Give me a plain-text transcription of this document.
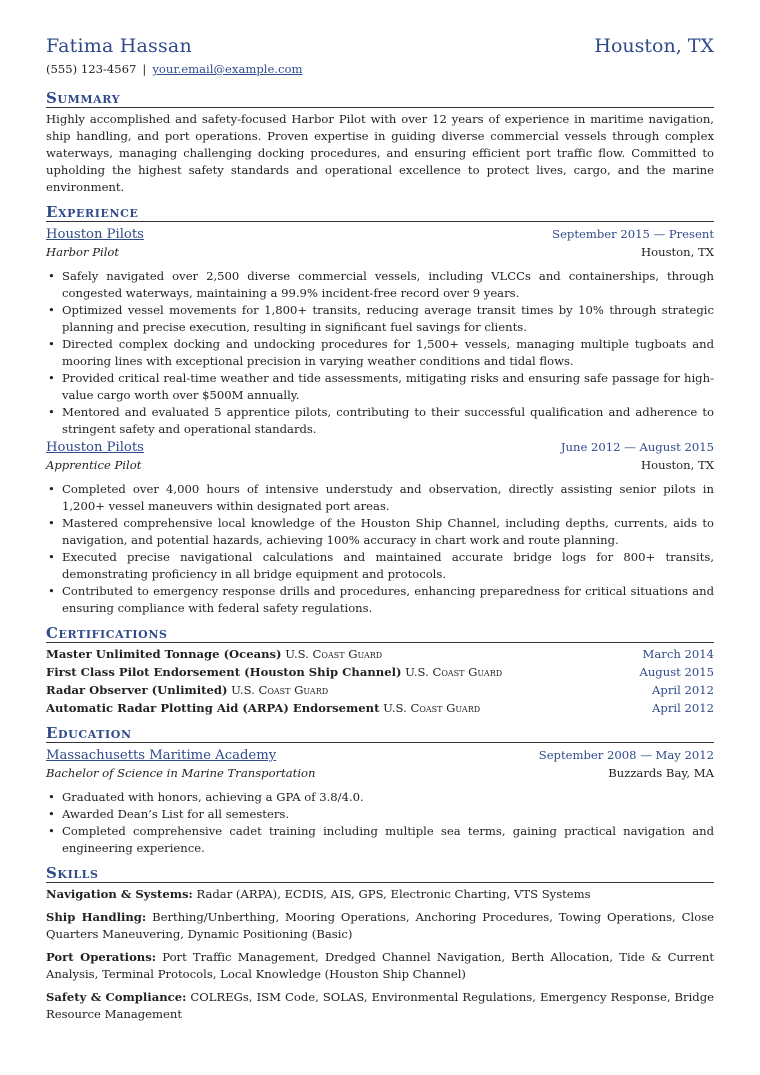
Fatima Hassan	Houston, TX
(555) 123-4567 | your.email@example.com
Summary
Highly accomplished and safety-focused Harbor Pilot with over 12 years of experience in maritime navigation, ship handling, and port operations. Proven expertise in guiding diverse commercial vessels through complex waterways, managing challenging docking procedures, and ensuring efficient port traffic flow. Committed to upholding the highest safety standards and operational excellence to protect lives, cargo, and the marine environment.
Experience
Houston Pilots	September 2015 — Present
Harbor Pilot	Houston, TX
• Safely navigated over 2,500 diverse commercial vessels, including VLCCs and containerships, through congested waterways, maintaining a 99.9% incident-free record over 9 years.
• Optimized vessel movements for 1,800+ transits, reducing average transit times by 10% through strategic planning and precise execution, resulting in significant fuel savings for clients.
• Directed complex docking and undocking procedures for 1,500+ vessels, managing multiple tugboats and mooring lines with exceptional precision in varying weather conditions and tidal flows.
• Provided critical real-time weather and tide assessments, mitigating risks and ensuring safe passage for high-value cargo worth over $500M annually.
• Mentored and evaluated 5 apprentice pilots, contributing to their successful qualification and adherence to stringent safety and operational standards.
Houston Pilots	June 2012 — August 2015
Apprentice Pilot	Houston, TX
• Completed over 4,000 hours of intensive understudy and observation, directly assisting senior pilots in 1,200+ vessel maneuvers within designated port areas.
• Mastered comprehensive local knowledge of the Houston Ship Channel, including depths, currents, aids to navigation, and potential hazards, achieving 100% accuracy in chart work and route planning.
• Executed precise navigational calculations and maintained accurate bridge logs for 800+ transits, demonstrating proficiency in all bridge equipment and protocols.
• Contributed to emergency response drills and procedures, enhancing preparedness for critical situations and ensuring compliance with federal safety regulations.
Certifications
Master Unlimited Tonnage (Oceans) U.S. Coast Guard	March 2014
First Class Pilot Endorsement (Houston Ship Channel) U.S. Coast Guard	August 2015
Radar Observer (Unlimited) U.S. Coast Guard	April 2012
Automatic Radar Plotting Aid (ARPA) Endorsement U.S. Coast Guard	April 2012
Education
Massachusetts Maritime Academy	September 2008 — May 2012
Bachelor of Science in Marine Transportation	Buzzards Bay, MA
• Graduated with honors, achieving a GPA of 3.8/4.0.
• Awarded Dean’s List for all semesters.
• Completed comprehensive cadet training including multiple sea terms, gaining practical navigation and engineering experience.
Skills
Navigation & Systems: Radar (ARPA), ECDIS, AIS, GPS, Electronic Charting, VTS Systems
Ship Handling: Berthing/Unberthing, Mooring Operations, Anchoring Procedures, Towing Operations, Close Quarters Maneuvering, Dynamic Positioning (Basic)
Port Operations: Port Traffic Management, Dredged Channel Navigation, Berth Allocation, Tide & Current Analysis, Terminal Protocols, Local Knowledge (Houston Ship Channel)
Safety & Compliance: COLREGs, ISM Code, SOLAS, Environmental Regulations, Emergency Response, Bridge Resource Management
